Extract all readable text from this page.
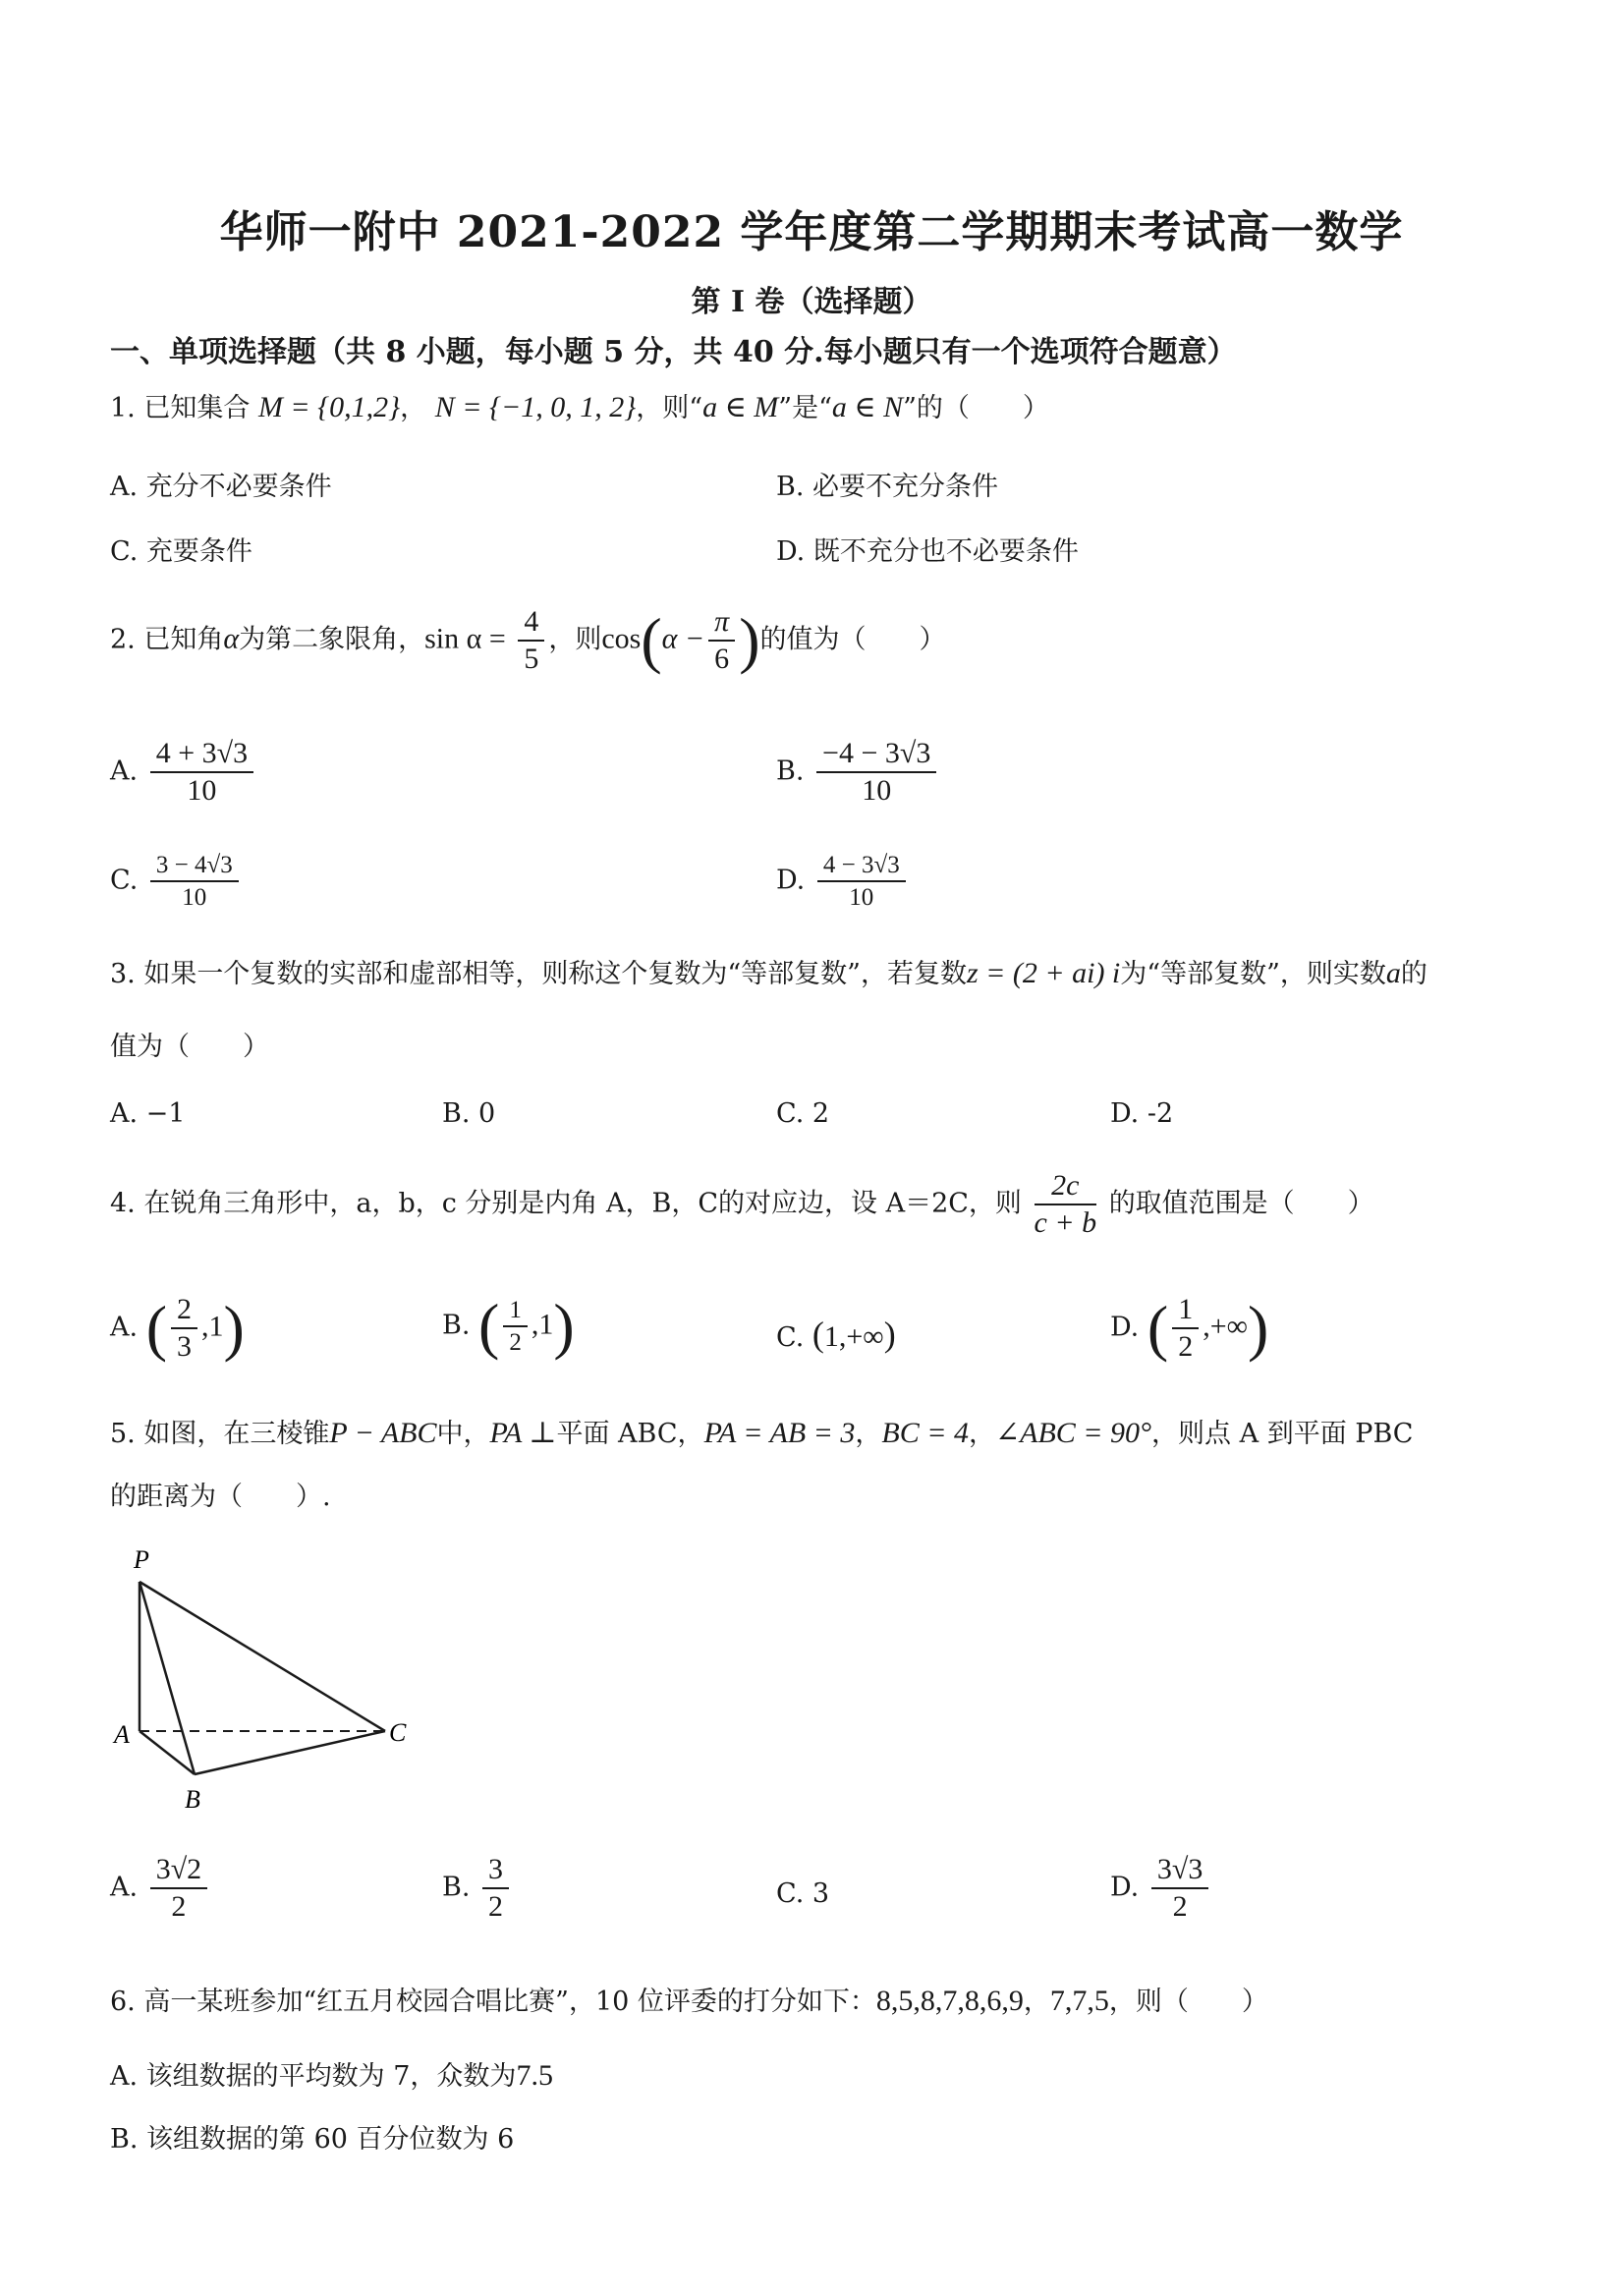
华师一附中 2021-2022 学年度第二学期期末考试高一数学
第 I 卷（选择题）
一、单项选择题（共 8 小题，每小题 5 分，共 40 分.每小题只有一个选项符合题意）
1. 已知集合 M = {0,1,2}， N = {−1, 0, 1, 2}，则“a ∈ M”是“a ∈ N”的（　　）
A. 充分不必要条件	B. 必要不充分条件
C. 充要条件	D. 既不充分也不必要条件
2. 已知角α为第二象限角，$\sin \alpha = \frac{4}{5}$ ，则$\cos(\alpha - \frac{\pi}{6}$ )的值为（　　）
A. $\frac{4 + 3√3}{10}$	B. $\frac{-4 - 3√3}{10}$
C. $\frac{3 - 4√3}{10}$	D. $\frac{4 - 3√3}{10}$
3. 如果一个复数的实部和虚部相等，则称这个复数为“等部复数”，若复数z = (2 + ai) i为“等部复数”，则实数a的
值为（　　）
A. −1	B. 0	C. 2	D. -2
4. 在锐角三角形中，a，b，c 分别是内角 A，B，C的对应边，设 A＝2C，则 $\frac{2c}{c + b}$ 的取值范围是（　　）
A. ( $\frac{2}{3} ,1$)	B. ( $\frac{1}{2} ,1$)	C. (1,+∞)	D. ( $\frac{1}{2}$ ,+∞)
5. 如图，在三棱锥P − ABC中，PA ⊥平面 ABC，PA = AB = 3，BC = 4，∠ABC = 90°，则点 A 到平面 PBC
的距离为（　　）.
P
A
B
C
A. $\frac{3√2}{2}$	B. $\frac{3}{2}$	C. 3	D. $\frac{3√3}{2}$
6. 高一某班参加“红五月校园合唱比赛”，10 位评委的打分如下：8,5,8,7,8,6,9，7,7,5，则（　　）
A. 该组数据的平均数为 7，众数为7.5
B. 该组数据的第 60 百分位数为 6
